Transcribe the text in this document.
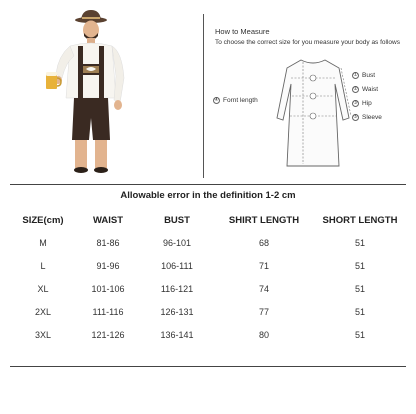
How to Measure
To choose the correct size for you measure your body as follows
④ Fornt length
① Bust
② Waist
③ Hip
⑤ Sleeve
Allowable error in the definition 1-2 cm
SIZE(cm)	WAIST	BUST	SHIRT LENGTH	SHORT LENGTH
M	81-86	96-101	68	51
L	91-96	106-111	71	51
XL	101-106	116-121	74	51
2XL	111-116	126-131	77	51
3XL	121-126	136-141	80	51
